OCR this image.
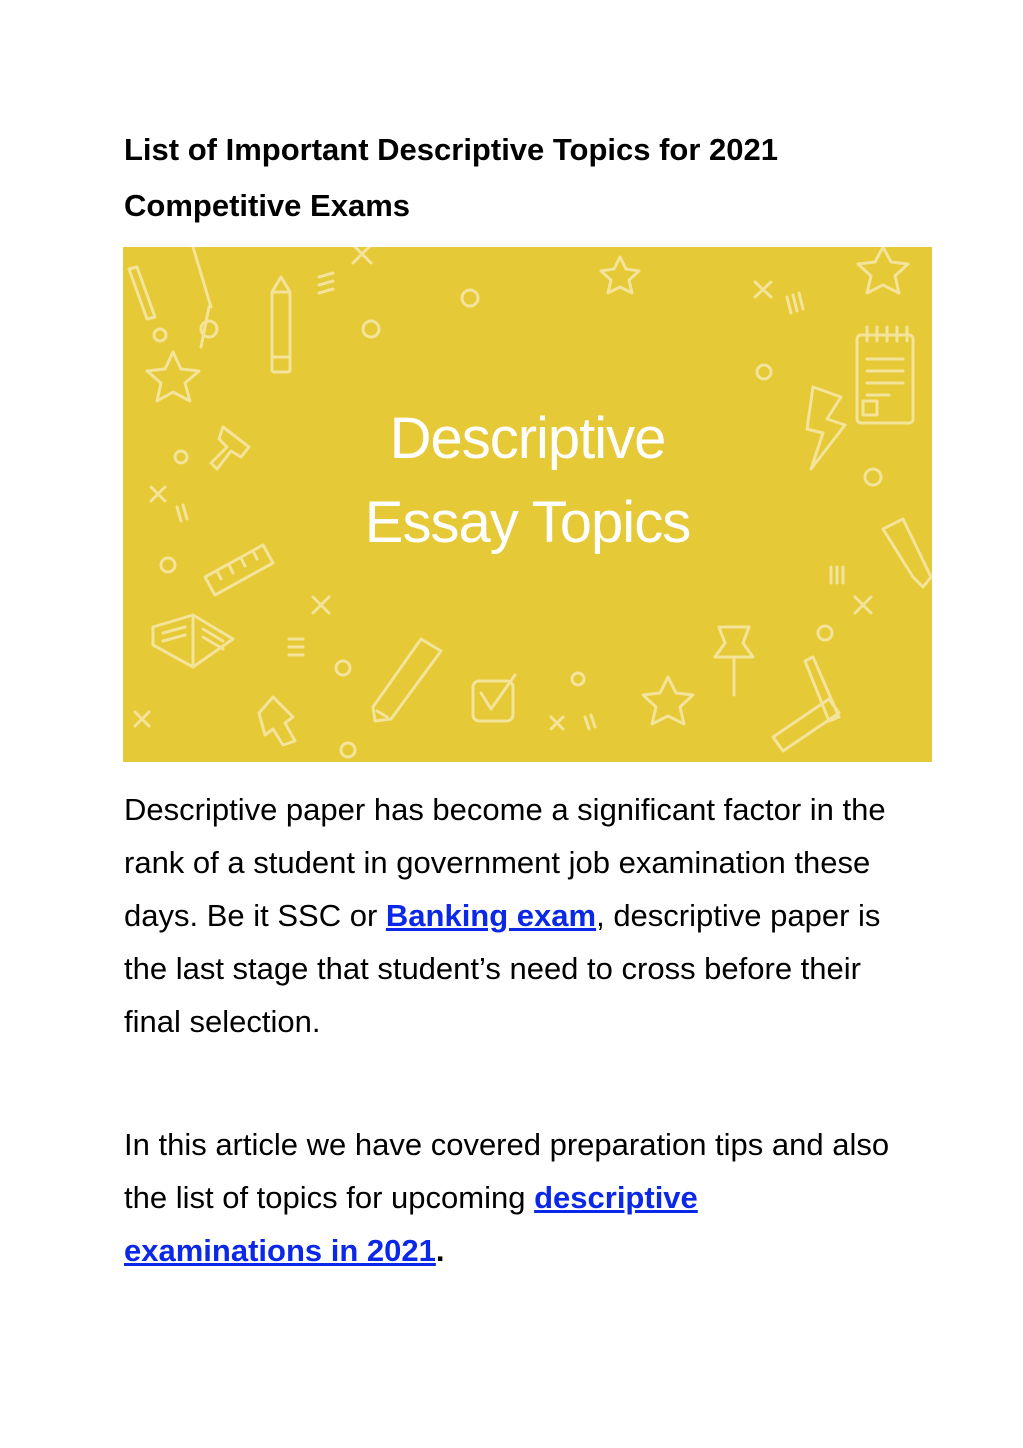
List of Important Descriptive Topics for 2021
Competitive Exams
Descriptive
Essay Topics

Descriptive paper has become a significant factor in the rank of a student in government job examination these days. Be it SSC or Banking exam, descriptive paper is the last stage that student’s need to cross before their final selection.

In this article we have covered preparation tips and also the list of topics for upcoming descriptive examinations in 2021.
